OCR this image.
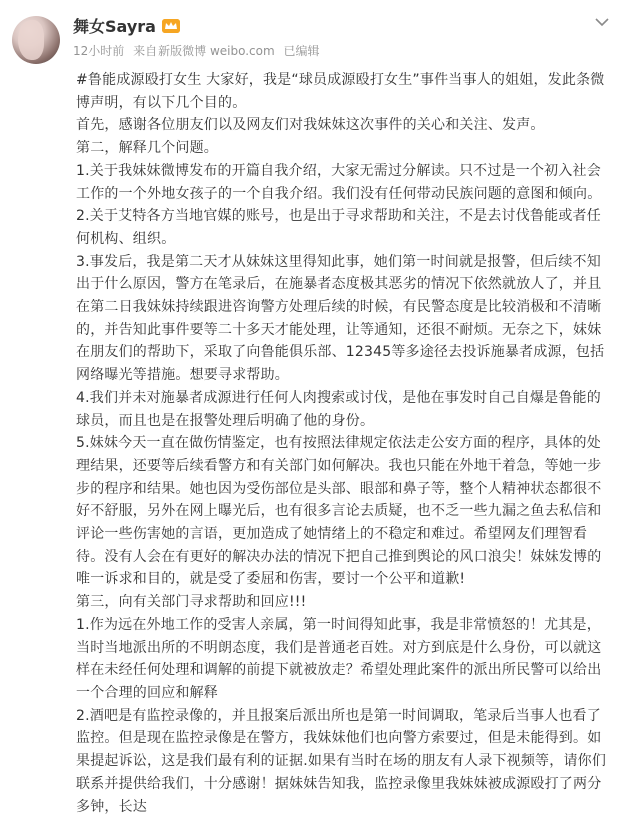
舞女Sayra
12小时前 来自新版微博 weibo.com 已编辑

#鲁能成源殴打女生 大家好，我是“球员成源殴打女生”事件当事人的姐姐，发此条微博声明，有以下几个目的。

首先，感谢各位朋友们以及网友们对我妹妹这次事件的关心和关注、发声。

第二，解释几个问题。

1.关于我妹妹微博发布的开篇自我介绍，大家无需过分解读。只不过是一个初入社会工作的一个外地女孩子的一个自我介绍。我们没有任何带动民族问题的意图和倾向。

2.关于艾特各方当地官媒的账号，也是出于寻求帮助和关注，不是去讨伐鲁能或者任何机构、组织。

3.事发后，我是第二天才从妹妹这里得知此事，她们第一时间就是报警，但后续不知出于什么原因，警方在笔录后，在施暴者态度极其恶劣的情况下依然就放人了，并且在第二日我妹妹持续跟进咨询警方处理后续的时候，有民警态度是比较消极和不清晰的，并告知此事件要等二十多天才能处理，让等通知，还很不耐烦。无奈之下，妹妹在朋友们的帮助下，采取了向鲁能俱乐部、12345等多途径去投诉施暴者成源，包括网络曝光等措施。想要寻求帮助。

4.我们并未对施暴者成源进行任何人肉搜索或讨伐，是他在事发时自己自爆是鲁能的球员，而且也是在报警处理后明确了他的身份。

5.妹妹今天一直在做伤情鉴定，也有按照法律规定依法走公安方面的程序，具体的处理结果，还要等后续看警方和有关部门如何解决。我也只能在外地干着急，等她一步步的程序和结果。她也因为受伤部位是头部、眼部和鼻子等，整个人精神状态都很不好不舒服，另外在网上曝光后，也有很多言论去质疑，也不乏一些九漏之鱼去私信和评论一些伤害她的言语，更加造成了她情绪上的不稳定和难过。希望网友们理智看待。没有人会在有更好的解决办法的情况下把自己推到舆论的风口浪尖！妹妹发博的唯一诉求和目的，就是受了委屈和伤害，要讨一个公平和道歉!

第三，向有关部门寻求帮助和回应!!!

1.作为远在外地工作的受害人亲属，第一时间得知此事，我是非常愤怒的！尤其是，当时当地派出所的不明朗态度，我们是普通老百姓。对方到底是什么身份，可以就这样在未经任何处理和调解的前提下就被放走？希望处理此案件的派出所民警可以给出一个合理的回应和解释

2.酒吧是有监控录像的，并且报案后派出所也是第一时间调取，笔录后当事人也看了监控。但是现在监控录像是在警方，我妹妹他们也向警方索要过，但是未能得到。如果提起诉讼，这是我们最有利的证据.如果有当时在场的朋友有人录下视频等，请你们联系并提供给我们，十分感谢！据妹妹告知我，监控录像里我妹妹被成源殴打了两分多钟，长达
